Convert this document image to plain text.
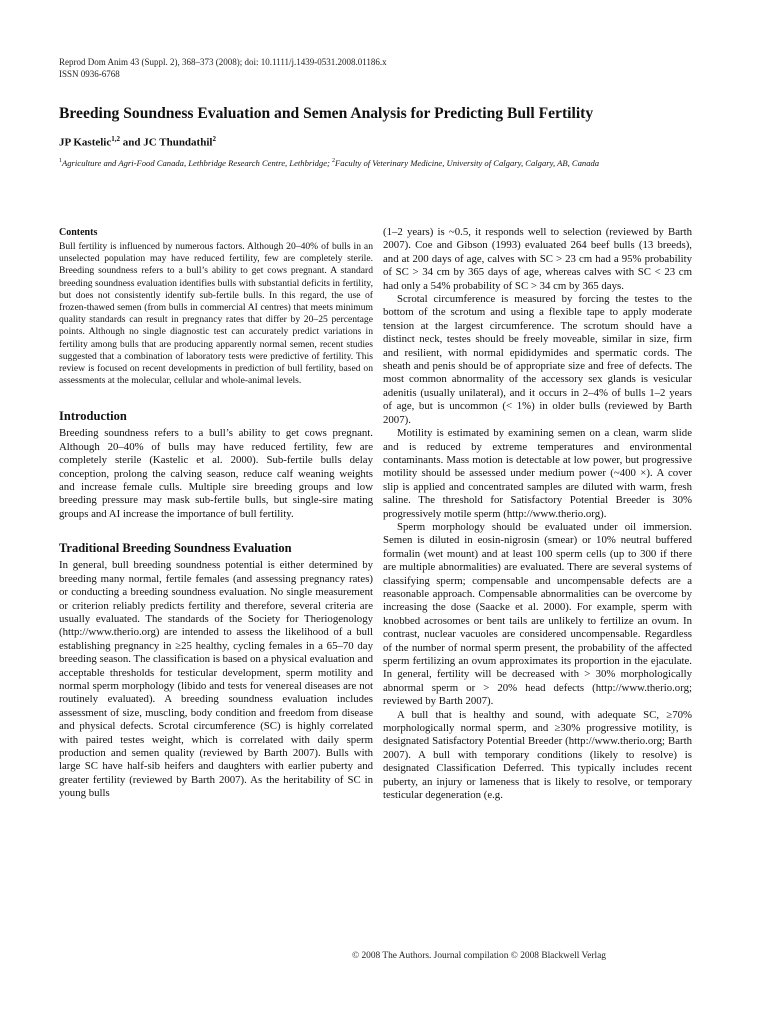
Reprod Dom Anim 43 (Suppl. 2), 368–373 (2008); doi: 10.1111/j.1439-0531.2008.01186.x
ISSN 0936-6768
Breeding Soundness Evaluation and Semen Analysis for Predicting Bull Fertility
JP Kastelic$^{1,2}$ and JC Thundathil$^2$
$^1$Agriculture and Agri-Food Canada, Lethbridge Research Centre, Lethbridge; $^2$Faculty of Veterinary Medicine, University of Calgary, Calgary, AB, Canada
Contents

Bull fertility is influenced by numerous factors. Although 20–40% of bulls in an unselected population may have reduced fertility, few are completely sterile. Breeding soundness refers to a bull’s ability to get cows pregnant. A standard breeding soundness evaluation identifies bulls with substantial deficits in fertility, but does not consistently identify sub-fertile bulls. In this regard, the use of frozen-thawed semen (from bulls in commercial AI centres) that meets minimum quality standards can result in pregnancy rates that differ by 20–25 percentage points. Although no single diagnostic test can accurately predict variations in fertility among bulls that are producing apparently normal semen, recent studies suggested that a combination of laboratory tests were predictive of fertility. This review is focused on recent developments in prediction of bull fertility, based on assessments at the molecular, cellular and whole-animal levels.

Introduction

Breeding soundness refers to a bull’s ability to get cows pregnant. Although 20–40% of bulls may have reduced fertility, few are completely sterile (Kastelic et al. 2000). Sub-fertile bulls delay conception, prolong the calving season, reduce calf weaning weights and increase female culls. Multiple sire breeding groups and low breeding pressure may mask sub-fertile bulls, but single-sire mating groups and AI increase the importance of bull fertility.

Traditional Breeding Soundness Evaluation

In general, bull breeding soundness potential is either determined by breeding many normal, fertile females (and assessing pregnancy rates) or conducting a breeding soundness evaluation. No single measurement or criterion reliably predicts fertility and therefore, several criteria are usually evaluated. The standards of the Society for Theriogenology (http://www.therio.org) are intended to assess the likelihood of a bull establishing pregnancy in ≥25 healthy, cycling females in a 65–70 day breeding season. The classification is based on a physical evaluation and acceptable thresholds for testicular development, sperm motility and normal sperm morphology (libido and tests for venereal diseases are not routinely evaluated). A breeding soundness evaluation includes assessment of size, muscling, body condition and freedom from disease and physical defects. Scrotal circumference (SC) is highly correlated with paired testes weight, which is correlated with daily sperm production and semen quality (reviewed by Barth 2007). Bulls with large SC have half-sib heifers and daughters with earlier puberty and greater fertility (reviewed by Barth 2007). As the heritability of SC in young bulls

(1–2 years) is ~0.5, it responds well to selection (reviewed by Barth 2007). Coe and Gibson (1993) evaluated 264 beef bulls (13 breeds), and at 200 days of age, calves with SC > 23 cm had a 95% probability of SC > 34 cm by 365 days of age, whereas calves with SC < 23 cm had only a 54% probability of SC > 34 cm by 365 days.

Scrotal circumference is measured by forcing the testes to the bottom of the scrotum and using a flexible tape to apply moderate tension at the largest circumference. The scrotum should have a distinct neck, testes should be freely moveable, similar in size, firm and resilient, with normal epididymides and spermatic cords. The sheath and penis should be of appropriate size and free of defects. The most common abnormality of the accessory sex glands is vesicular adenitis (usually unilateral), and it occurs in 2–4% of bulls 1–2 years of age, but is uncommon (< 1%) in older bulls (reviewed by Barth 2007).

Motility is estimated by examining semen on a clean, warm slide and is reduced by extreme temperatures and environmental contaminants. Mass motion is detectable at low power, but progressive motility should be assessed under medium power (~400 ×). A cover slip is applied and concentrated samples are diluted with warm, fresh saline. The threshold for Satisfactory Potential Breeder is 30% progressively motile sperm (http://www.therio.org).

Sperm morphology should be evaluated under oil immersion. Semen is diluted in eosin-nigrosin (smear) or 10% neutral buffered formalin (wet mount) and at least 100 sperm cells (up to 300 if there are multiple abnormalities) are evaluated. There are several systems of classifying sperm; compensable and uncompensable defects are a reasonable approach. Compensable abnormalities can be overcome by increasing the dose (Saacke et al. 2000). For example, sperm with knobbed acrosomes or bent tails are unlikely to fertilize an ovum. In contrast, nuclear vacuoles are considered uncompensable. Regardless of the number of normal sperm present, the probability of the affected sperm fertilizing an ovum approximates its proportion in the ejaculate. In general, fertility will be decreased with > 30% morphologically abnormal sperm or > 20% head defects (http://www.therio.org; reviewed by Barth 2007).

A bull that is healthy and sound, with adequate SC, ≥70% morphologically normal sperm, and ≥30% progressive motility, is designated Satisfactory Potential Breeder (http://www.therio.org; Barth 2007). A bull with temporary conditions (likely to resolve) is designated Classification Deferred. This typically includes recent puberty, an injury or lameness that is likely to resolve, or temporary testicular degeneration (e.g.

© 2008 The Authors. Journal compilation © 2008 Blackwell Verlag
